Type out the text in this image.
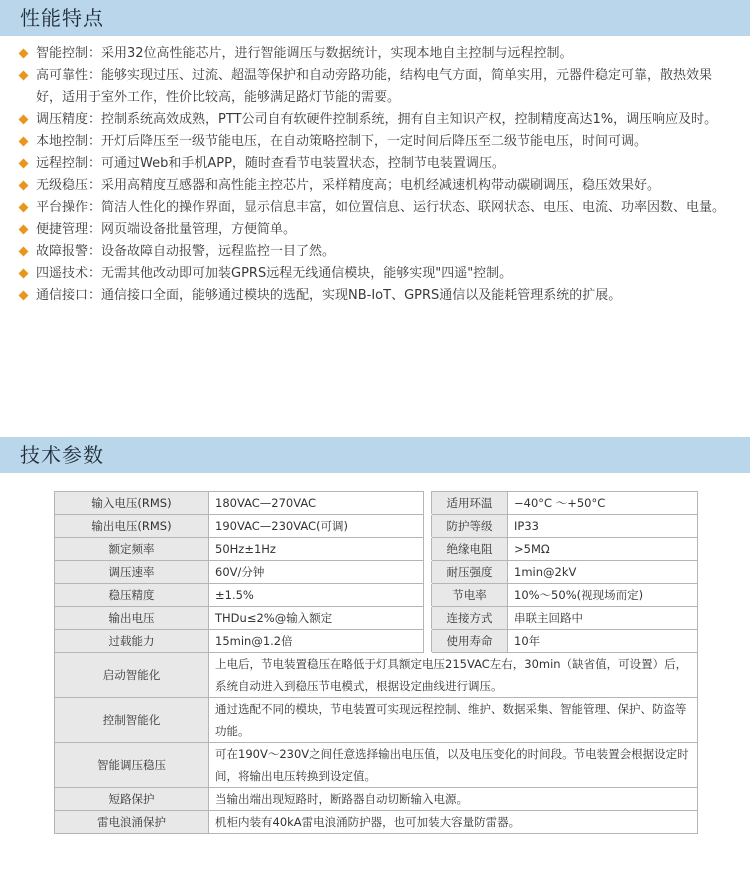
性能特点

智能控制：采用32位高性能芯片，进行智能调压与数据统计，实现本地自主控制与远程控制。

高可靠性：能够实现过压、过流、超温等保护和自动旁路功能，结构电气方面，简单实用，元器件稳定可靠，散热效果好，适用于室外工作，性价比较高，能够满足路灯节能的需要。

调压精度：控制系统高效成熟，PTT公司自有软硬件控制系统，拥有自主知识产权，控制精度高达1%，调压响应及时。

本地控制：开灯后降压至一级节能电压，在自动策略控制下，一定时间后降压至二级节能电压，时间可调。

远程控制：可通过Web和手机APP，随时查看节电装置状态，控制节电装置调压。

无级稳压：采用高精度互感器和高性能主控芯片，采样精度高；电机经减速机构带动碳刷调压，稳压效果好。

平台操作：简洁人性化的操作界面，显示信息丰富，如位置信息、运行状态、联网状态、电压、电流、功率因数、电量。

便捷管理：网页端设备批量管理，方便简单。

故障报警：设备故障自动报警，远程监控一目了然。

四遥技术：无需其他改动即可加装GPRS远程无线通信模块，能够实现"四遥"控制。

通信接口：通信接口全面，能够通过模块的选配，实现NB-IoT、GPRS通信以及能耗管理系统的扩展。

技术参数
输入电压(RMS)	180VAC—270VAC		适用环温	−40°C ～+50°C
输出电压(RMS)	190VAC—230VAC(可调)		防护等级	IP33
额定频率	50Hz±1Hz		绝缘电阻	>5MΩ
调压速率	60V/分钟		耐压强度	1min@2kV
稳压精度	±1.5%		节电率	10%～50%(视现场而定)
输出电压	THDu≤2%@输入额定		连接方式	串联主回路中
过载能力	15min@1.2倍		使用寿命	10年
启动智能化	上电后，节电装置稳压在略低于灯具额定电压215VAC左右，30min（缺省值，可设置）后，系统自动进入到稳压节电模式，根据设定曲线进行调压。			
控制智能化	通过选配不同的模块，节电装置可实现远程控制、维护、数据采集、智能管理、保护、防盗等功能。			
智能调压稳压	可在190V～230V之间任意选择输出电压值，以及电压变化的时间段。节电装置会根据设定时间，将输出电压转换到设定值。			
短路保护	当输出端出现短路时，断路器自动切断输入电源。			
雷电浪涌保护	机柜内装有40kA雷电浪涌防护器，也可加装大容量防雷器。			
